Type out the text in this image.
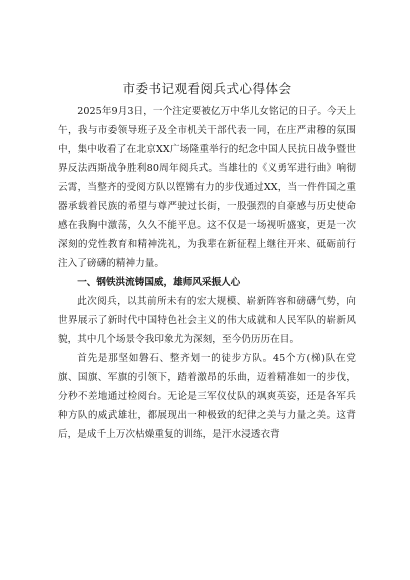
市委书记观看阅兵式心得体会

2025年9月3日，一个注定要被亿万中华儿女铭记的日子。今天上午，我与市委领导班子及全市机关干部代表一同，在庄严肃穆的氛围中，集中收看了在北京XX广场隆重举行的纪念中国人民抗日战争暨世界反法西斯战争胜利80周年阅兵式。当雄壮的《义勇军进行曲》响彻云霄，当整齐的受阅方队以铿锵有力的步伐通过XX，当一件件国之重器承载着民族的希望与尊严驶过长街，一股强烈的自豪感与历史使命感在我胸中激荡，久久不能平息。这不仅是一场视听盛宴，更是一次深刻的党性教育和精神洗礼，为我辈在新征程上继往开来、砥砺前行注入了磅礴的精神力量。

一、钢铁洪流铸国威，雄师风采振人心

此次阅兵，以其前所未有的宏大规模、崭新阵容和磅礴气势，向世界展示了新时代中国特色社会主义的伟大成就和人民军队的崭新风貌，其中几个场景令我印象尤为深刻，至今仍历历在目。

首先是那坚如磐石、整齐划一的徒步方队。45个方(梯)队在党旗、国旗、军旗的引领下，踏着激昂的乐曲，迈着精准如一的步伐，分秒不差地通过检阅台。无论是三军仪仗队的飒爽英姿，还是各军兵种方队的威武雄壮，都展现出一种极致的纪律之美与力量之美。这背后，是成千上万次枯燥重复的训练，是汗水浸透衣背
